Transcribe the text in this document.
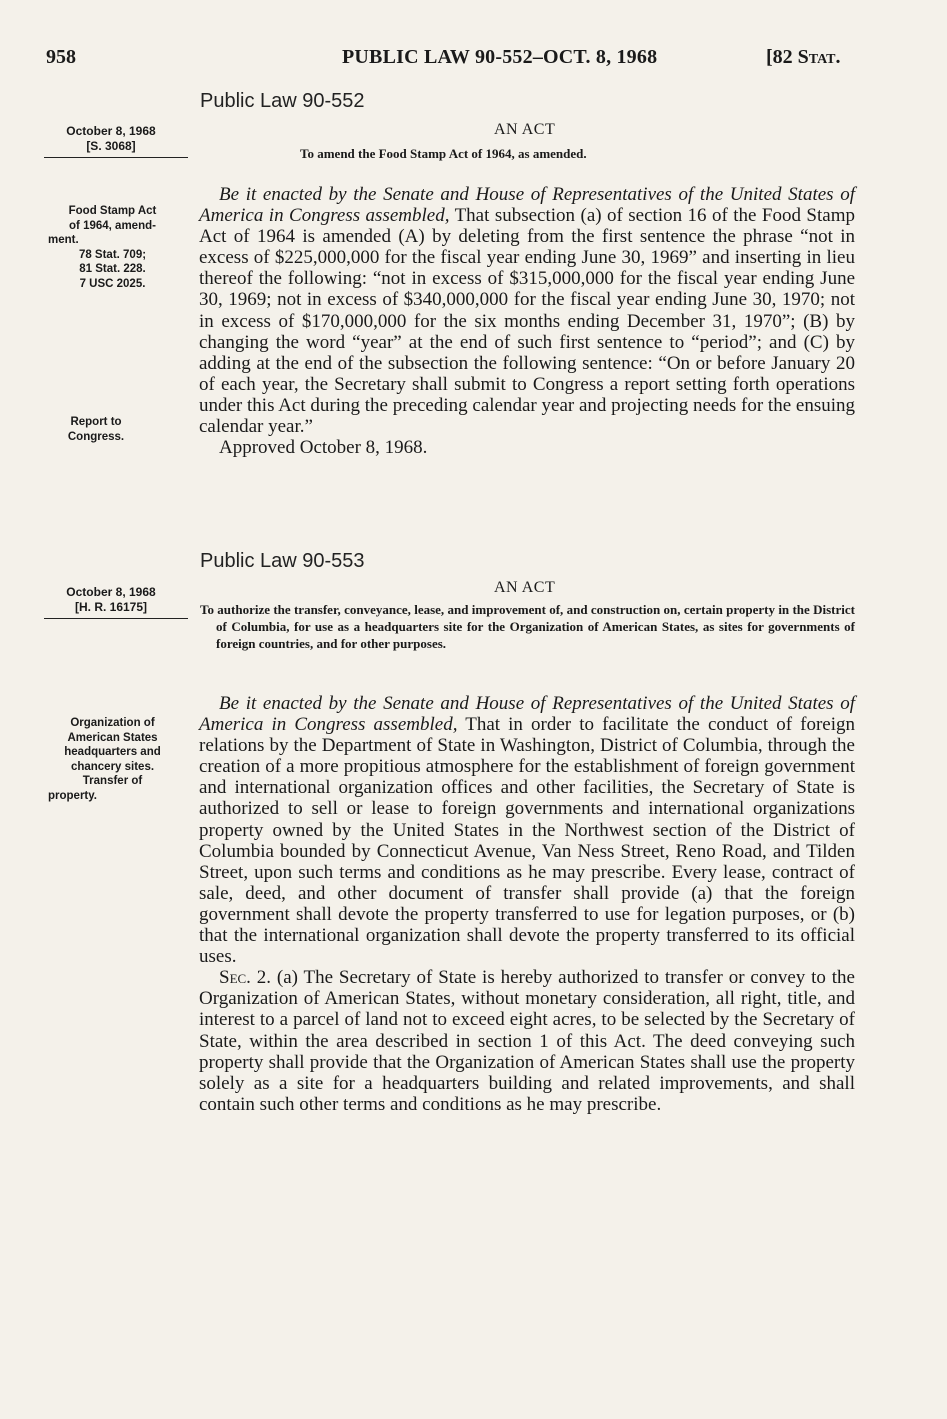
958	PUBLIC LAW 90-552–OCT. 8, 1968	[82 Stat.
Public Law 90-552
October 8, 1968
[S. 3068]
AN ACT
To amend the Food Stamp Act of 1964, as amended.
Food Stamp Act
of 1964, amend-
ment.
78 Stat. 709;
81 Stat. 228.
7 USC 2025.
Report to
Congress.

Be it enacted by the Senate and House of Representatives of the United States of America in Congress assembled, That subsection (a) of section 16 of the Food Stamp Act of 1964 is amended (A) by deleting from the first sentence the phrase “not in excess of $225,000,000 for the fiscal year ending June 30, 1969” and inserting in lieu thereof the following: “not in excess of $315,000,000 for the fiscal year ending June 30, 1969; not in excess of $340,000,000 for the fiscal year ending June 30, 1970; not in excess of $170,000,000 for the six months ending December 31, 1970”; (B) by changing the word “year” at the end of such first sentence to “period”; and (C) by adding at the end of the subsection the following sentence: “On or before January 20 of each year, the Secretary shall submit to Congress a report setting forth operations under this Act during the preceding calendar year and projecting needs for the ensuing calendar year.”

Approved October 8, 1968.

Public Law 90-553
October 8, 1968
[H. R. 16175]
AN ACT
To authorize the transfer, conveyance, lease, and improvement of, and construction on, certain property in the District of Columbia, for use as a headquarters site for the Organization of American States, as sites for governments of foreign countries, and for other purposes.
Organization of
American States
headquarters and
chancery sites.
Transfer of
property.

Be it enacted by the Senate and House of Representatives of the United States of America in Congress assembled, That in order to facilitate the conduct of foreign relations by the Department of State in Washington, District of Columbia, through the creation of a more propitious atmosphere for the establishment of foreign government and international organization offices and other facilities, the Secretary of State is authorized to sell or lease to foreign governments and international organizations property owned by the United States in the Northwest section of the District of Columbia bounded by Connecticut Avenue, Van Ness Street, Reno Road, and Tilden Street, upon such terms and conditions as he may prescribe. Every lease, contract of sale, deed, and other document of transfer shall provide (a) that the foreign government shall devote the property transferred to use for legation purposes, or (b) that the international organization shall devote the property transferred to its official uses.

Sec. 2. (a) The Secretary of State is hereby authorized to transfer or convey to the Organization of American States, without monetary consideration, all right, title, and interest to a parcel of land not to exceed eight acres, to be selected by the Secretary of State, within the area described in section 1 of this Act. The deed conveying such property shall provide that the Organization of American States shall use the property solely as a site for a headquarters building and related improvements, and shall contain such other terms and conditions as he may prescribe.
